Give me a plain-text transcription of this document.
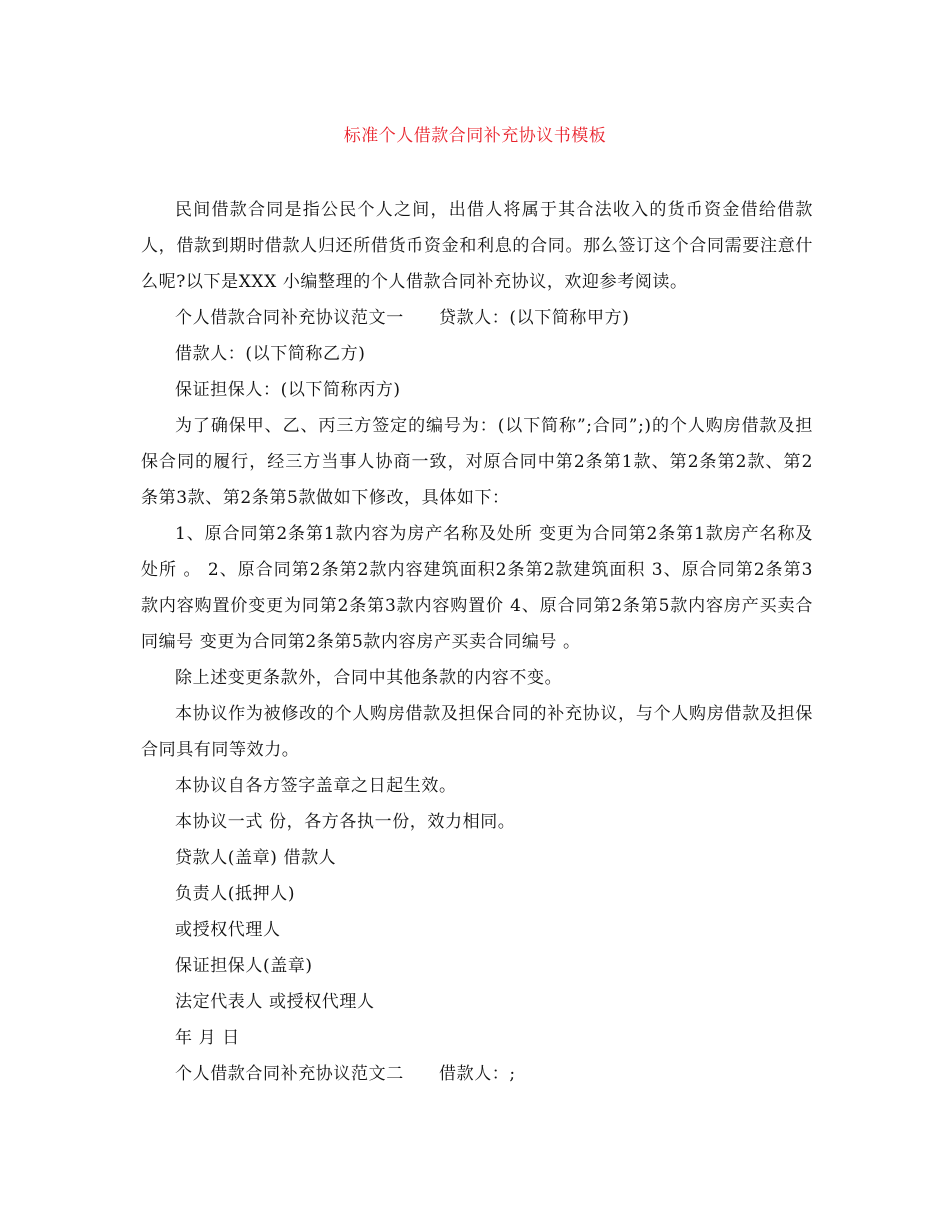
标准个人借款合同补充协议书模板

民间借款合同是指公民个人之间，出借人将属于其合法收入的货币资金借给借款人，借款到期时借款人归还所借货币资金和利息的合同。那么签订这个合同需要注意什么呢?以下是XXX 小编整理的个人借款合同补充协议，欢迎参考阅读。

个人借款合同补充协议范文一　　贷款人：(以下简称甲方)

借款人：(以下简称乙方)

保证担保人：(以下简称丙方)

为了确保甲、乙、丙三方签定的编号为：(以下简称”;合同”;)的个人购房借款及担保合同的履行，经三方当事人协商一致，对原合同中第2条第1款、第2条第2款、第2条第3款、第2条第5款做如下修改，具体如下：

1、原合同第2条第1款内容为房产名称及处所 变更为合同第2条第1款房产名称及处所 。 2、原合同第2条第2款内容建筑面积2条第2款建筑面积 3、原合同第2条第3款内容购置价变更为同第2条第3款内容购置价 4、原合同第2条第5款内容房产买卖合同编号 变更为合同第2条第5款内容房产买卖合同编号 。

除上述变更条款外，合同中其他条款的内容不变。

本协议作为被修改的个人购房借款及担保合同的补充协议，与个人购房借款及担保合同具有同等效力。

本协议自各方签字盖章之日起生效。

本协议一式 份，各方各执一份，效力相同。

贷款人(盖章) 借款人

负责人(抵押人)

或授权代理人

保证担保人(盖章)

法定代表人 或授权代理人

年 月 日

个人借款合同补充协议范文二　　借款人：;
